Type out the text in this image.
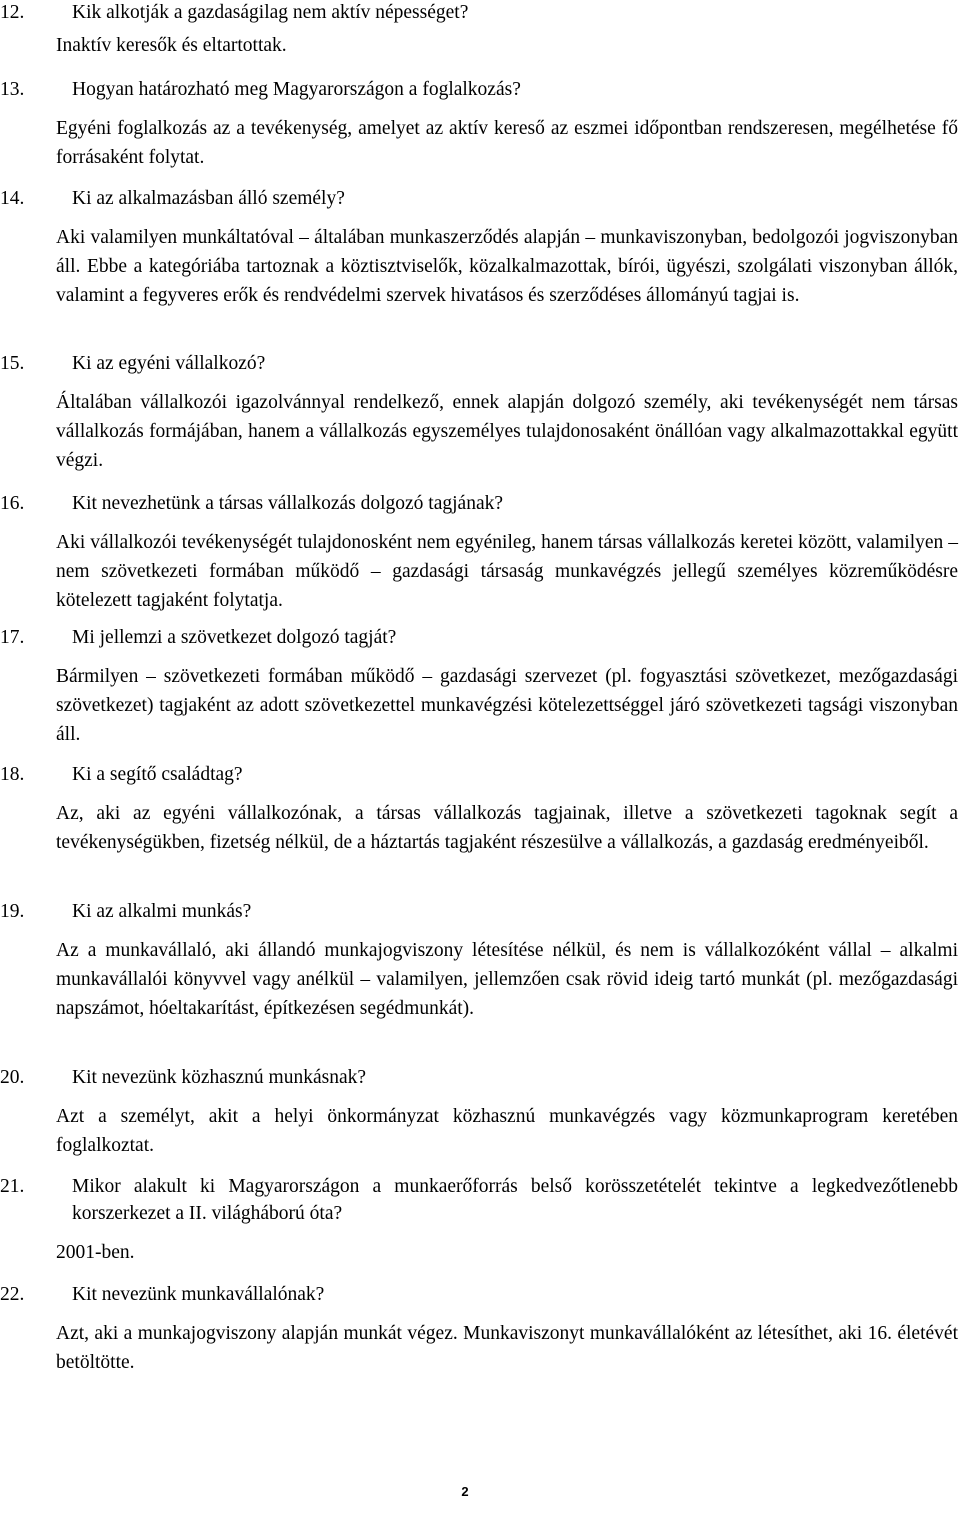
12.	Kik alkotják a gazdaságilag nem aktív népességet?
Inaktív keresők és eltartottak.
13.	Hogyan határozható meg Magyarországon a foglalkozás?
Egyéni foglalkozás az a tevékenység, amelyet az aktív kereső az eszmei időpontban rendszeresen, megélhetése fő forrásaként folytat.
14.	Ki az alkalmazásban álló személy?
Aki valamilyen munkáltatóval – általában munkaszerződés alapján – munkaviszonyban, bedolgozói jogviszonyban áll. Ebbe a kategóriába tartoznak a köztisztviselők, közalkalmazottak, bírói, ügyészi, szolgálati viszonyban állók, valamint a fegyveres erők és rendvédelmi szervek hivatásos és szerződéses állományú tagjai is.
15.	Ki az egyéni vállalkozó?
Általában vállalkozói igazolvánnyal rendelkező, ennek alapján dolgozó személy, aki tevékenységét nem társas vállalkozás formájában, hanem a vállalkozás egyszemélyes tulajdonosaként önállóan vagy alkalmazottakkal együtt végzi.
16.	Kit nevezhetünk a társas vállalkozás dolgozó tagjának?
Aki vállalkozói tevékenységét tulajdonosként nem egyénileg, hanem társas vállalkozás keretei között, valamilyen – nem szövetkezeti formában működő – gazdasági társaság munkavégzés jellegű személyes közreműködésre kötelezett tagjaként folytatja.
17.	Mi jellemzi a szövetkezet dolgozó tagját?
Bármilyen – szövetkezeti formában működő – gazdasági szervezet (pl. fogyasztási szövetkezet, mezőgazdasági szövetkezet) tagjaként az adott szövetkezettel munkavégzési kötelezettséggel járó szövetkezeti tagsági viszonyban áll.
18.	Ki a segítő családtag?
Az, aki az egyéni vállalkozónak, a társas vállalkozás tagjainak, illetve a szövetkezeti tagoknak segít a tevékenységükben, fizetség nélkül, de a háztartás tagjaként részesülve a vállalkozás, a gazdaság eredményeiből.
19.	Ki az alkalmi munkás?
Az a munkavállaló, aki állandó munkajogviszony létesítése nélkül, és nem is vállalkozóként vállal – alkalmi munkavállalói könyvvel vagy anélkül – valamilyen, jellemzően csak rövid ideig tartó munkát (pl. mezőgazdasági napszámot, hóeltakarítást, építkezésen segédmunkát).
20.	Kit nevezünk közhasznú munkásnak?
Azt a személyt, akit a helyi önkormányzat közhasznú munkavégzés vagy közmunkaprogram keretében foglalkoztat.
21.	Mikor alakult ki Magyarországon a munkaerőforrás belső korösszetételét tekintve a legkedvezőtlenebb korszerkezet a II. világháború óta?
2001-ben.
22.	Kit nevezünk munkavállalónak?
Azt, aki a munkajogviszony alapján munkát végez. Munkaviszonyt munkavállalóként az létesíthet, aki 16. életévét betöltötte.
2
